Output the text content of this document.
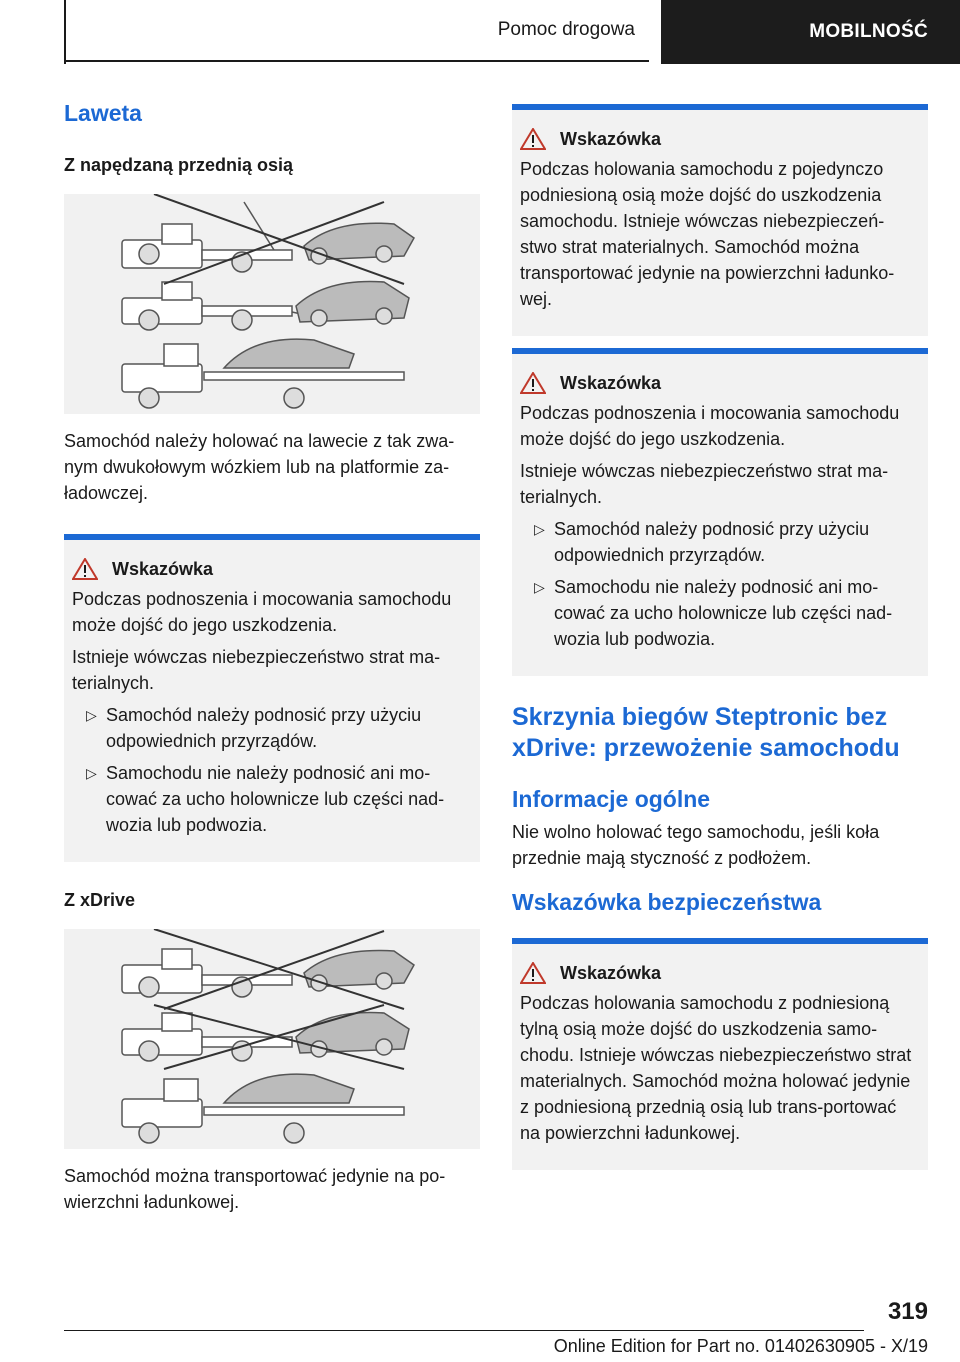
Pomoc drogowa	MOBILNOŚĆ
Laweta
Z napędzaną przednią osią

Samochód należy holować na lawecie z tak zwa-nym dwukołowym wózkiem lub na platformie za-ładowczej.

Wskazówka

Podczas podnoszenia i mocowania samochodu może dojść do jego uszkodzenia.

Istnieje wówczas niebezpieczeństwo strat ma-terialnych.

▷ Samochód należy podnosić przy użyciu odpowiednich przyrządów.
▷ Samochodu nie należy podnosić ani mo-cować za ucho holownicze lub części nad-wozia lub podwozia.
Z xDrive

Samochód można transportować jedynie na po-wierzchni ładunkowej.

Wskazówka

Podczas holowania samochodu z pojedynczo podniesioną osią może dojść do uszkodzenia samochodu. Istnieje wówczas niebezpieczeń-stwo strat materialnych. Samochód można transportować jedynie na powierzchni ładunko-wej.

Wskazówka

Podczas podnoszenia i mocowania samochodu może dojść do jego uszkodzenia.

Istnieje wówczas niebezpieczeństwo strat ma-terialnych.

▷ Samochód należy podnosić przy użyciu odpowiednich przyrządów.
▷ Samochodu nie należy podnosić ani mo-cować za ucho holownicze lub części nad-wozia lub podwozia.
Skrzynia biegów Steptronic bez xDrive: przewożenie samochodu
Informacje ogólne

Nie wolno holować tego samochodu, jeśli koła przednie mają styczność z podłożem.

Wskazówka bezpieczeństwa
Wskazówka

Podczas holowania samochodu z podniesioną tylną osią może dojść do uszkodzenia samo-chodu. Istnieje wówczas niebezpieczeństwo strat materialnych. Samochód można holować jedynie z podniesioną przednią osią lub trans-portować na powierzchni ładunkowej.

319
Online Edition for Part no. 01402630905 - X/19
